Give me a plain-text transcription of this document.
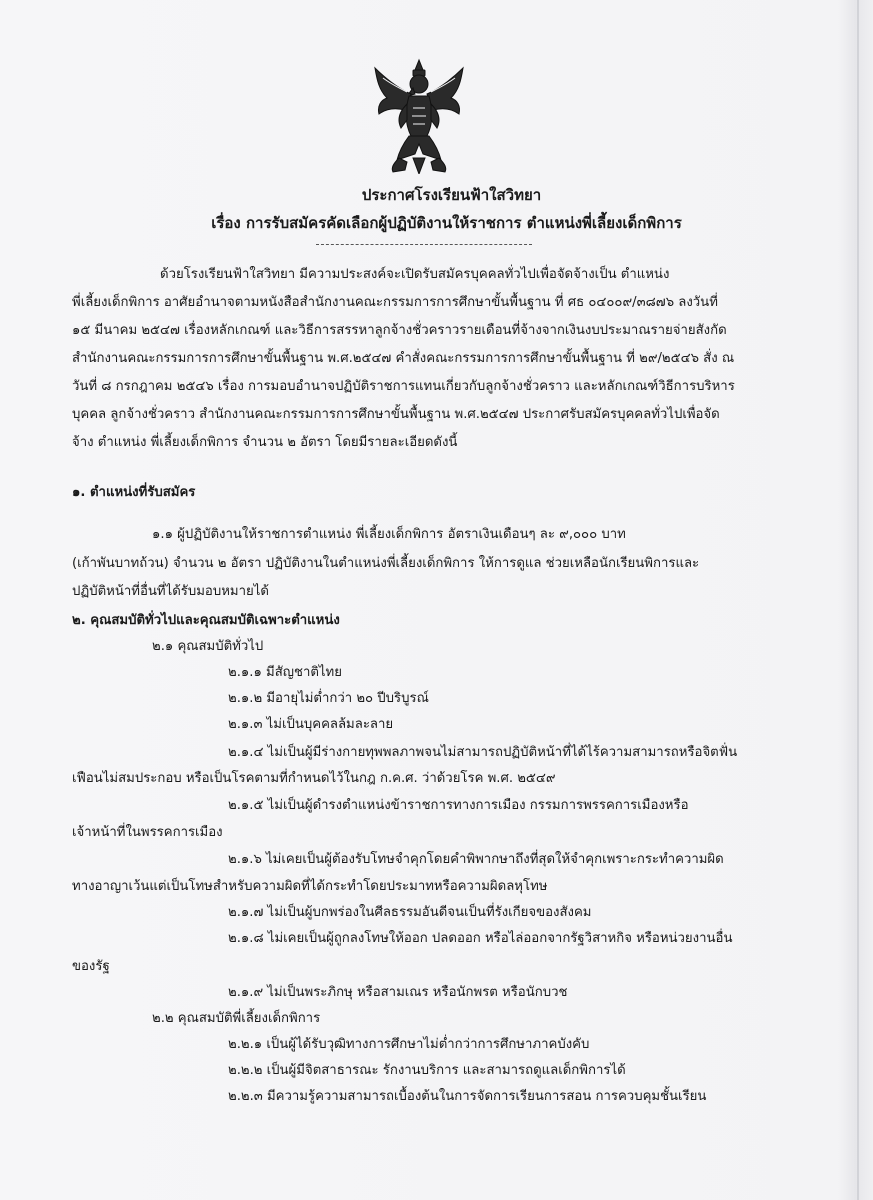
ประกาศโรงเรียนฟ้าใสวิทยา
เรื่อง การรับสมัครคัดเลือกผู้ปฏิบัติงานให้ราชการ ตำแหน่งพี่เลี้ยงเด็กพิการ
ด้วยโรงเรียนฟ้าใสวิทยา มีความประสงค์จะเปิดรับสมัครบุคคลทั่วไปเพื่อจัดจ้างเป็น ตำแหน่ง
พี่เลี้ยงเด็กพิการ อาศัยอำนาจตามหนังสือสำนักงานคณะกรรมการการศึกษาขั้นพื้นฐาน ที่ ศธ ๐๔๐๐๙/๓๘๗๖ ลงวันที่
๑๕ มีนาคม ๒๕๔๗ เรื่องหลักเกณฑ์ และวิธีการสรรหาลูกจ้างชั่วคราวรายเดือนที่จ้างจากเงินงบประมาณรายจ่ายสังกัด
สำนักงานคณะกรรมการการศึกษาขั้นพื้นฐาน พ.ศ.๒๕๔๗ คำสั่งคณะกรรมการการศึกษาขั้นพื้นฐาน ที่ ๒๙/๒๕๔๖ สั่ง ณ
วันที่ ๘ กรกฎาคม ๒๕๔๖ เรื่อง การมอบอำนาจปฏิบัติราชการแทนเกี่ยวกับลูกจ้างชั่วคราว และหลักเกณฑ์วิธีการบริหาร
บุคคล ลูกจ้างชั่วคราว สำนักงานคณะกรรมการการศึกษาขั้นพื้นฐาน พ.ศ.๒๕๔๗ ประกาศรับสมัครบุคคลทั่วไปเพื่อจัด
จ้าง ตำแหน่ง พี่เลี้ยงเด็กพิการ จำนวน ๒ อัตรา โดยมีรายละเอียดดังนี้
๑. ตำแหน่งที่รับสมัคร
๑.๑ ผู้ปฏิบัติงานให้ราชการตำแหน่ง พี่เลี้ยงเด็กพิการ อัตราเงินเดือนๆ ละ ๙,๐๐๐ บาท
(เก้าพันบาทถ้วน) จำนวน ๒ อัตรา ปฏิบัติงานในตำแหน่งพี่เลี้ยงเด็กพิการ ให้การดูแล ช่วยเหลือนักเรียนพิการและ
ปฏิบัติหน้าที่อื่นที่ได้รับมอบหมายได้
๒. คุณสมบัติทั่วไปและคุณสมบัติเฉพาะตำแหน่ง
๒.๑ คุณสมบัติทั่วไป
๒.๑.๑ มีสัญชาติไทย
๒.๑.๒ มีอายุไม่ต่ำกว่า ๒๐ ปีบริบูรณ์
๒.๑.๓ ไม่เป็นบุคคลล้มละลาย
๒.๑.๔ ไม่เป็นผู้มีร่างกายทุพพลภาพจนไม่สามารถปฏิบัติหน้าที่ได้ไร้ความสามารถหรือจิตฟั่น
เฟือนไม่สมประกอบ หรือเป็นโรคตามที่กำหนดไว้ในกฎ ก.ค.ศ. ว่าด้วยโรค พ.ศ. ๒๕๔๙
๒.๑.๕ ไม่เป็นผู้ดำรงตำแหน่งข้าราชการทางการเมือง กรรมการพรรคการเมืองหรือ
เจ้าหน้าที่ในพรรคการเมือง
๒.๑.๖ ไม่เคยเป็นผู้ต้องรับโทษจำคุกโดยคำพิพากษาถึงที่สุดให้จำคุกเพราะกระทำความผิด
ทางอาญาเว้นแต่เป็นโทษสำหรับความผิดที่ได้กระทำโดยประมาทหรือความผิดลหุโทษ
๒.๑.๗ ไม่เป็นผู้บกพร่องในศีลธรรมอันดีจนเป็นที่รังเกียจของสังคม
๒.๑.๘ ไม่เคยเป็นผู้ถูกลงโทษให้ออก ปลดออก หรือไล่ออกจากรัฐวิสาหกิจ หรือหน่วยงานอื่น
ของรัฐ
๒.๑.๙ ไม่เป็นพระภิกษุ หรือสามเณร หรือนักพรต หรือนักบวช
๒.๒ คุณสมบัติพี่เลี้ยงเด็กพิการ
๒.๒.๑ เป็นผู้ได้รับวุฒิทางการศึกษาไม่ต่ำกว่าการศึกษาภาคบังคับ
๒.๒.๒ เป็นผู้มีจิตสาธารณะ รักงานบริการ และสามารถดูแลเด็กพิการได้
๒.๒.๓ มีความรู้ความสามารถเบื้องต้นในการจัดการเรียนการสอน การควบคุมชั้นเรียน
